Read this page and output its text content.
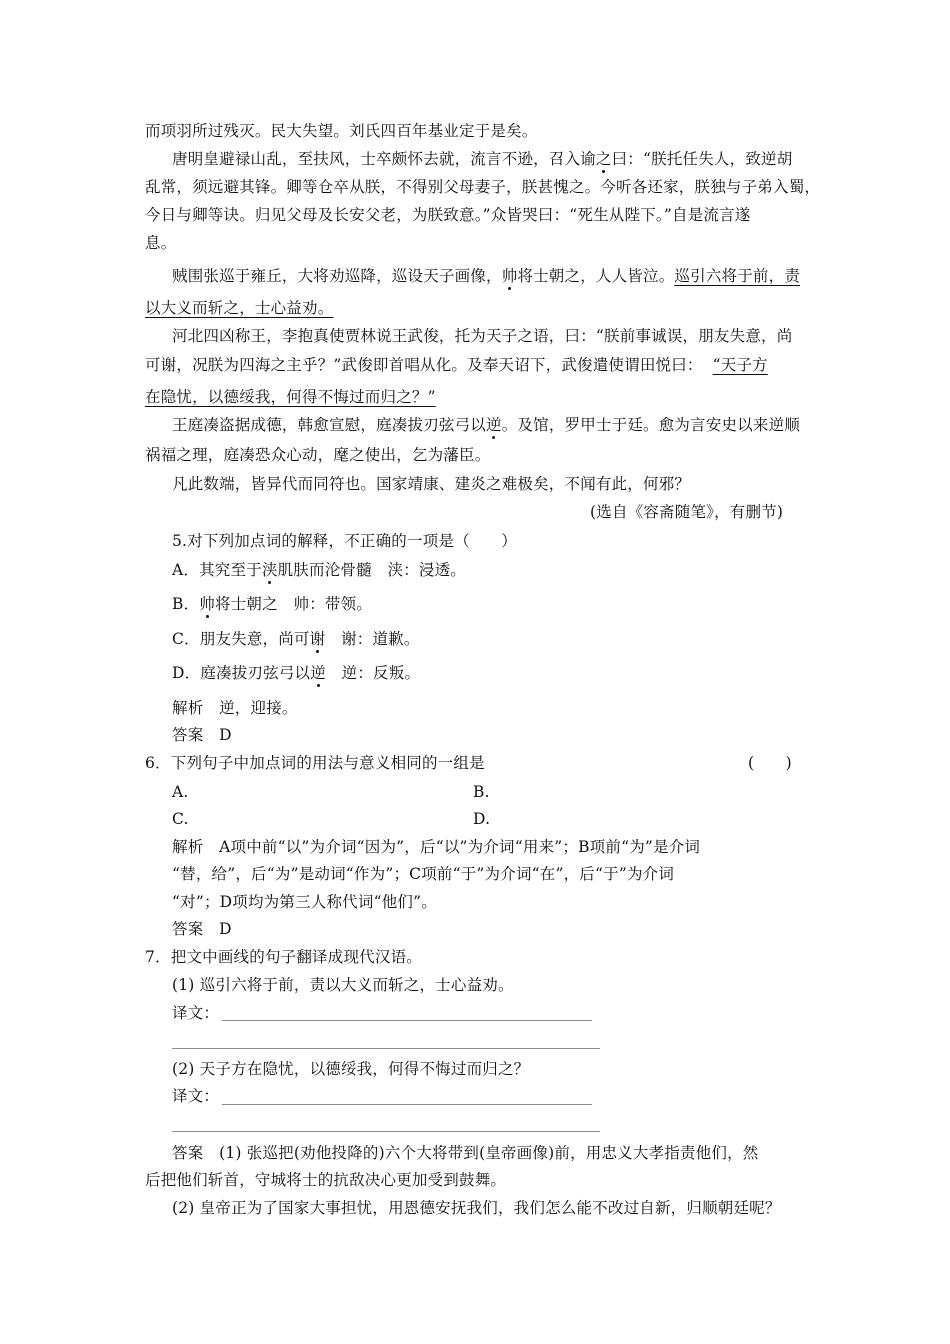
而项羽所过残灭。民大失望。刘氏四百年基业定于是矣。
唐明皇避禄山乱，至扶风，士卒颇怀去就，流言不逊，召入谕之曰：“朕托任失人，致逆胡
乱常，须远避其锋。卿等仓卒从朕，不得别父母妻子，朕甚愧之。今听各还家，朕独与子弟入蜀，
今日与卿等诀。归见父母及长安父老，为朕致意。”众皆哭曰：“死生从陛下。”自是流言遂
息。
贼围张巡于雍丘，大将劝巡降，巡设天子画像，帅将士朝之，人人皆泣。巡引六将于前，责
以大义而斩之，士心益劝。
河北四凶称王，李抱真使贾林说王武俊，托为天子之语，曰：“朕前事诚误，朋友失意，尚
可谢，况朕为四海之主乎？”武俊即首唱从化。及奉天诏下，武俊遣使谓田悦曰： “天子方
在隐忧，以德绥我，何得不悔过而归之？”
王庭凑盗据成德，韩愈宣慰，庭凑拔刃弦弓以逆。及馆，罗甲士于廷。愈为言安史以来逆顺
祸福之理，庭凑恐众心动，麾之使出，乞为藩臣。
凡此数端，皆异代而同符也。国家靖康、建炎之难极矣，不闻有此，何邪？
(选自《容斋随笔》，有删节)
5.对下列加点词的解释，不正确的一项是（　　）
A．其究至于浃肌肤而沦骨髓　浃：浸透。
B．帅将士朝之　帅：带领。
C．朋友失意，尚可谢　谢：道歉。
D．庭凑拔刃弦弓以逆　逆：反叛。
解析　逆，迎接。
答案　D
6．下列句子中加点词的用法与意义相同的一组是	(　　)
A.	B.
C.	D.
解析　A项中前“以”为介词“因为”，后“以”为介词“用来”；B项前“为”是介词
“替，给”，后“为”是动词“作为”；C项前“于”为介词“在”，后“于”为介词
“对”；D项均为第三人称代词“他们”。
答案　D
7．把文中画线的句子翻译成现代汉语。
(1) 巡引六将于前，责以大义而斩之，士心益劝。
译文：
(2) 天子方在隐忧，以德绥我，何得不悔过而归之？
译文：
答案　(1) 张巡把(劝他投降的)六个大将带到(皇帝画像)前，用忠义大孝指责他们，然
后把他们斩首，守城将士的抗敌决心更加受到鼓舞。
(2) 皇帝正为了国家大事担忧，用恩德安抚我们，我们怎么能不改过自新，归顺朝廷呢？
